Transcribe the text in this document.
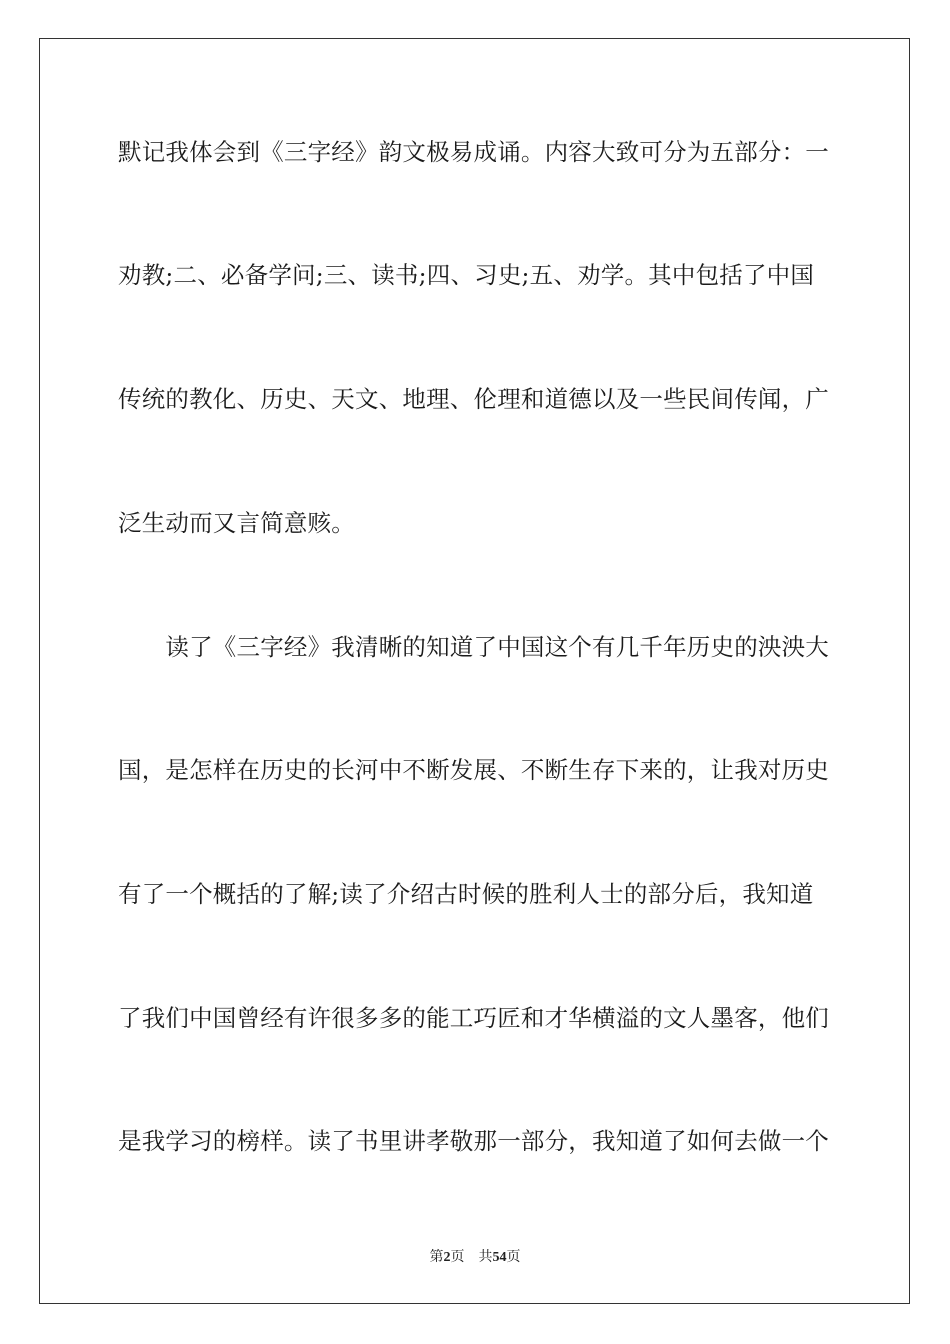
默记我体会到《三字经》韵文极易成诵。内容大致可分为五部分：一
劝教;二、必备学问;三、读书;四、习史;五、劝学。其中包括了中国
传统的教化、历史、天文、地理、伦理和道德以及一些民间传闻，广
泛生动而又言简意赅。
　　读了《三字经》我清晰的知道了中国这个有几千年历史的泱泱大
国，是怎样在历史的长河中不断发展、不断生存下来的，让我对历史
有了一个概括的了解;读了介绍古时候的胜利人士的部分后，我知道
了我们中国曾经有许很多多的能工巧匠和才华横溢的文人墨客，他们
是我学习的榜样。读了书里讲孝敬那一部分，我知道了如何去做一个
第2页 共54页
